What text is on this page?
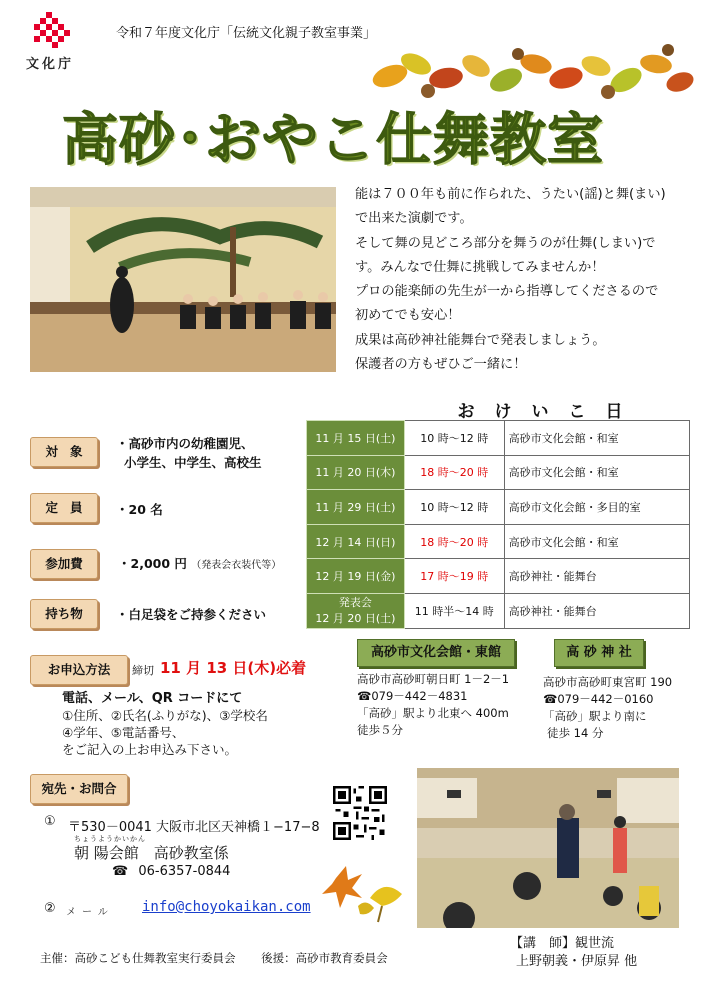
文化庁
令和７年度文化庁「伝統文化親子教室事業」
高砂･おやこ仕舞教室

能は７００年も前に作られた、うたい(謡)と舞(まい)

で出来た演劇です。

そして舞の見どころ部分を舞うのが仕舞(しまい)で

す。みんなで仕舞に挑戦してみませんか！

プロの能楽師の先生が一から指導してくださるので

初めてでも安心！

成果は高砂神社能舞台で発表しましょう。

保護者の方もぜひご一緒に！

おけいこ日
11 月 15 日(土)	10 時～12 時	高砂市文化会館・和室
11 月 20 日(木)	18 時～20 時	高砂市文化会館・和室
11 月 29 日(土)	10 時～12 時	高砂市文化会館・多目的室
12 月 14 日(日)	18 時～20 時	高砂市文化会館・和室
12 月 19 日(金)	17 時～19 時	高砂神社・能舞台

発表会
12 月 20 日(土)	11 時半～14 時	高砂神社・能舞台
対象
・高砂市内の幼稚園児、
小学生、中学生、高校生
定員 ・20 名
参加費	・2,000 円 （発表会衣装代等）
持ち物	・白足袋をご持参ください
お申込方法	締切 11 月 13 日(木)必着
電話、メール、QR コードにて
①住所、②氏名(ふりがな)、③学校名
④学年、⑤電話番号、
をご記入の上お申込み下さい。
高砂市文化会館・東館
高砂市高砂町朝日町 1－2－1
☎079－442－4831
「高砂」駅より北東へ 400m
徒歩５分
高 砂 神 社
高砂市高砂町東宮町 190
☎079－442－0160
「高砂」駅より南に
徒歩 14 分
宛先・お問合
① 〒530－0041 大阪市北区天神橋１−17−8
ちょうようかいかん
朝 陽会館　高砂教室係
☎ 06-6357-0844
② メール info@choyokaikan.com
【講　師】観世流
上野朝義・伊原昇 他
主催：高砂こども仕舞教室実行委員会 後援：高砂市教育委員会
